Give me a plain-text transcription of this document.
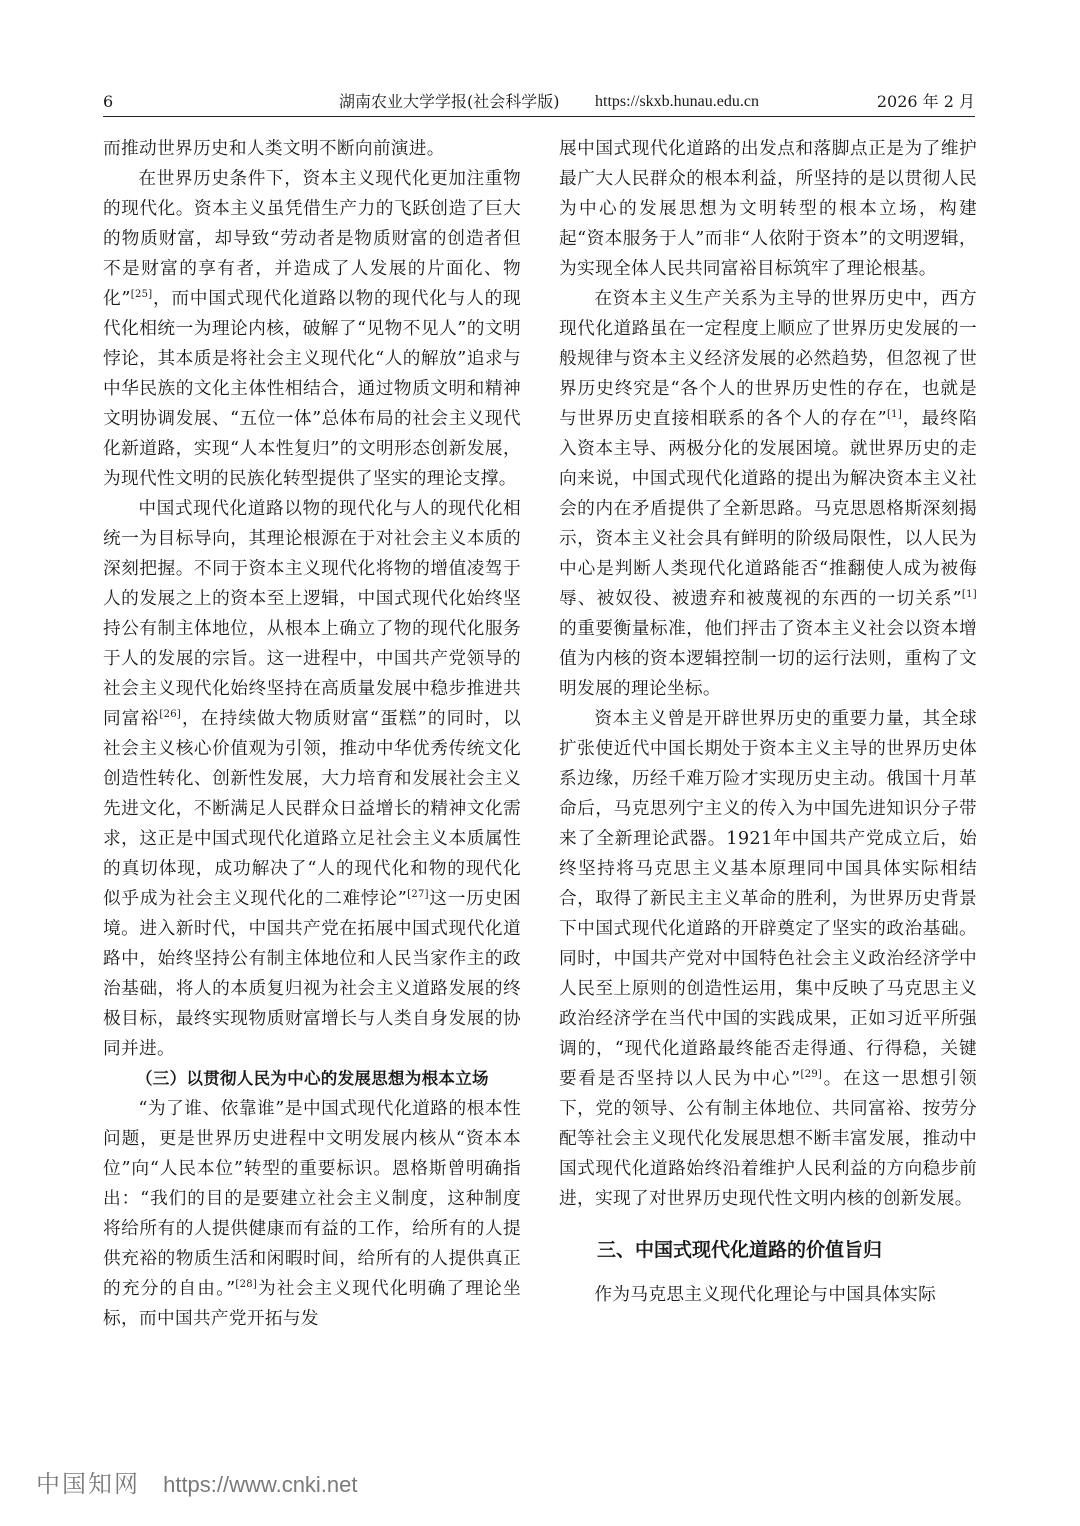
6	湖南农业大学学报(社会科学版) https://skxb.hunau.edu.cn	2026 年 2 月

而推动世界历史和人类文明不断向前演进。

在世界历史条件下，资本主义现代化更加注重物的现代化。资本主义虽凭借生产力的飞跃创造了巨大的物质财富，却导致“劳动者是物质财富的创造者但不是财富的享有者，并造成了人发展的片面化、物化”[25]，而中国式现代化道路以物的现代化与人的现代化相统一为理论内核，破解了“见物不见人”的文明悖论，其本质是将社会主义现代化“人的解放”追求与中华民族的文化主体性相结合，通过物质文明和精神文明协调发展、“五位一体”总体布局的社会主义现代化新道路，实现“人本性复归”的文明形态创新发展，为现代性文明的民族化转型提供了坚实的理论支撑。

中国式现代化道路以物的现代化与人的现代化相统一为目标导向，其理论根源在于对社会主义本质的深刻把握。不同于资本主义现代化将物的增值凌驾于人的发展之上的资本至上逻辑，中国式现代化始终坚持公有制主体地位，从根本上确立了物的现代化服务于人的发展的宗旨。这一进程中，中国共产党领导的社会主义现代化始终坚持在高质量发展中稳步推进共同富裕[26]，在持续做大物质财富“蛋糕”的同时，以社会主义核心价值观为引领，推动中华优秀传统文化创造性转化、创新性发展，大力培育和发展社会主义先进文化，不断满足人民群众日益增长的精神文化需求，这正是中国式现代化道路立足社会主义本质属性的真切体现，成功解决了“人的现代化和物的现代化似乎成为社会主义现代化的二难悖论”[27]这一历史困境。进入新时代，中国共产党在拓展中国式现代化道路中，始终坚持公有制主体地位和人民当家作主的政治基础，将人的本质复归视为社会主义道路发展的终极目标，最终实现物质财富增长与人类自身发展的协同并进。

（三）以贯彻人民为中心的发展思想为根本立场

“为了谁、依靠谁”是中国式现代化道路的根本性问题，更是世界历史进程中文明发展内核从“资本本位”向“人民本位”转型的重要标识。恩格斯曾明确指出：“我们的目的是要建立社会主义制度，这种制度将给所有的人提供健康而有益的工作，给所有的人提供充裕的物质生活和闲暇时间，给所有的人提供真正的充分的自由。”[28]为社会主义现代化明确了理论坐标，而中国共产党开拓与发

展中国式现代化道路的出发点和落脚点正是为了维护最广大人民群众的根本利益，所坚持的是以贯彻人民为中心的发展思想为文明转型的根本立场，构建起“资本服务于人”而非“人依附于资本”的文明逻辑，为实现全体人民共同富裕目标筑牢了理论根基。

在资本主义生产关系为主导的世界历史中，西方现代化道路虽在一定程度上顺应了世界历史发展的一般规律与资本主义经济发展的必然趋势，但忽视了世界历史终究是“各个人的世界历史性的存在，也就是与世界历史直接相联系的各个人的存在”[1]，最终陷入资本主导、两极分化的发展困境。就世界历史的走向来说，中国式现代化道路的提出为解决资本主义社会的内在矛盾提供了全新思路。马克思恩格斯深刻揭示，资本主义社会具有鲜明的阶级局限性，以人民为中心是判断人类现代化道路能否“推翻使人成为被侮辱、被奴役、被遗弃和被蔑视的东西的一切关系”[1]的重要衡量标准，他们抨击了资本主义社会以资本增值为内核的资本逻辑控制一切的运行法则，重构了文明发展的理论坐标。

资本主义曾是开辟世界历史的重要力量，其全球扩张使近代中国长期处于资本主义主导的世界历史体系边缘，历经千难万险才实现历史主动。俄国十月革命后，马克思列宁主义的传入为中国先进知识分子带来了全新理论武器。1921年中国共产党成立后，始终坚持将马克思主义基本原理同中国具体实际相结合，取得了新民主主义革命的胜利，为世界历史背景下中国式现代化道路的开辟奠定了坚实的政治基础。同时，中国共产党对中国特色社会主义政治经济学中人民至上原则的创造性运用，集中反映了马克思主义政治经济学在当代中国的实践成果，正如习近平所强调的，“现代化道路最终能否走得通、行得稳，关键要看是否坚持以人民为中心”[29]。在这一思想引领下，党的领导、公有制主体地位、共同富裕、按劳分配等社会主义现代化发展思想不断丰富发展，推动中国式现代化道路始终沿着维护人民利益的方向稳步前进，实现了对世界历史现代性文明内核的创新发展。

三、中国式现代化道路的价值旨归

作为马克思主义现代化理论与中国具体实际

中国知网 https://www.cnki.net
